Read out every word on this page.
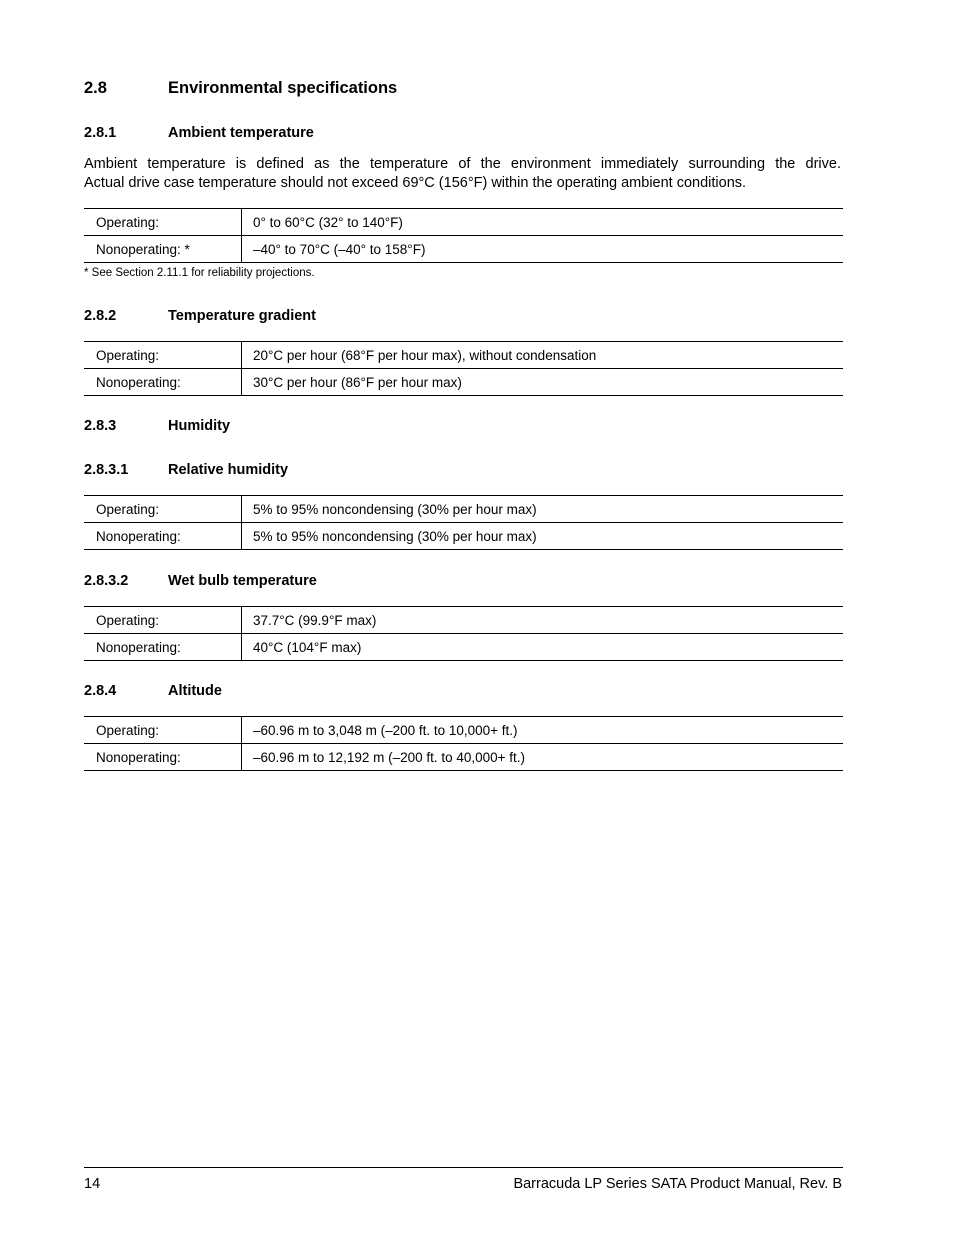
2.8	Environmental specifications
2.8.1	Ambient temperature
Ambient temperature is defined as the temperature of the environment immediately surrounding the drive.
Actual drive case temperature should not exceed 69°C (156°F) within the operating ambient conditions.
Operating:	0° to 60°C (32° to 140°F)
Nonoperating: *	–40° to 70°C (–40° to 158°F)
* See Section 2.11.1 for reliability projections.
2.8.2	Temperature gradient
Operating:	20°C per hour (68°F per hour max), without condensation
Nonoperating:	30°C per hour (86°F per hour max)
2.8.3	Humidity
2.8.3.1	Relative humidity
Operating:	5% to 95% noncondensing (30% per hour max)
Nonoperating:	5% to 95% noncondensing (30% per hour max)
2.8.3.2	Wet bulb temperature
Operating:	37.7°C (99.9°F max)
Nonoperating:	40°C (104°F max)
2.8.4	Altitude
Operating:	–60.96 m to 3,048 m (–200 ft. to 10,000+ ft.)
Nonoperating:	–60.96 m to 12,192 m (–200 ft. to 40,000+ ft.)
14	Barracuda LP Series SATA Product Manual, Rev. B
